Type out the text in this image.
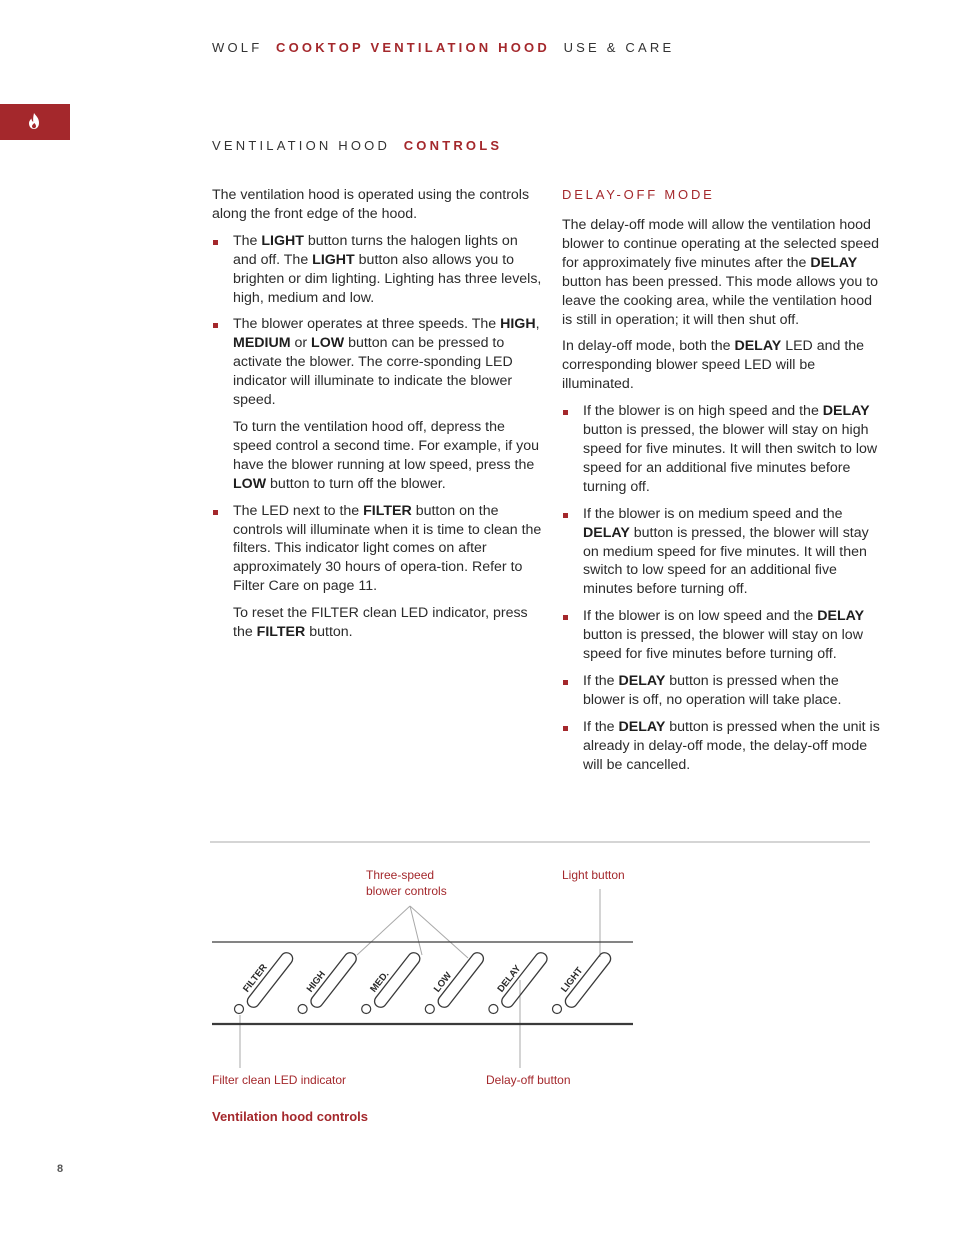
WOLF COOKTOP VENTILATION HOOD USE & CARE
VENTILATION HOOD CONTROLS

The ventilation hood is operated using the controls along the front edge of the hood.

The LIGHT button turns the halogen lights on and off. The LIGHT button also allows you to brighten or dim lighting. Lighting has three levels, high, medium and low.
The blower operates at three speeds. The HIGH, MEDIUM or LOW button can be pressed to activate the blower. The corre-sponding LED indicator will illuminate to indicate the blower speed.

To turn the ventilation hood off, depress the speed control a second time. For example, if you have the blower running at low speed, press the LOW button to turn off the blower.

The LED next to the FILTER button on the controls will illuminate when it is time to clean the filters. This indicator light comes on after approximately 30 hours of opera-tion. Refer to Filter Care on page 11.

To reset the FILTER clean LED indicator, press the FILTER button.

DELAY-OFF MODE

The delay-off mode will allow the ventilation hood blower to continue operating at the selected speed for approximately five minutes after the DELAY button has been pressed. This mode allows you to leave the cooking area, while the ventilation hood is still in operation; it will then shut off.

In delay-off mode, both the DELAY LED and the corresponding blower speed LED will be illuminated.

If the blower is on high speed and the DELAY button is pressed, the blower will stay on high speed for five minutes. It will then switch to low speed for an additional five minutes before turning off.
If the blower is on medium speed and the DELAY button is pressed, the blower will stay on medium speed for five minutes. It will then switch to low speed for an additional five minutes before turning off.
If the blower is on low speed and the DELAY button is pressed, the blower will stay on low speed for five minutes before turning off.
If the DELAY button is pressed when the blower is off, no operation will take place.
If the DELAY button is pressed when the unit is already in delay-off mode, the delay-off mode will be cancelled.
Three-speed
blower controls
Light button
Filter clean LED indicator	Delay-off button
FILTER	HIGH	MED.	LOW	DELAY	LIGHT
Ventilation hood controls
8
